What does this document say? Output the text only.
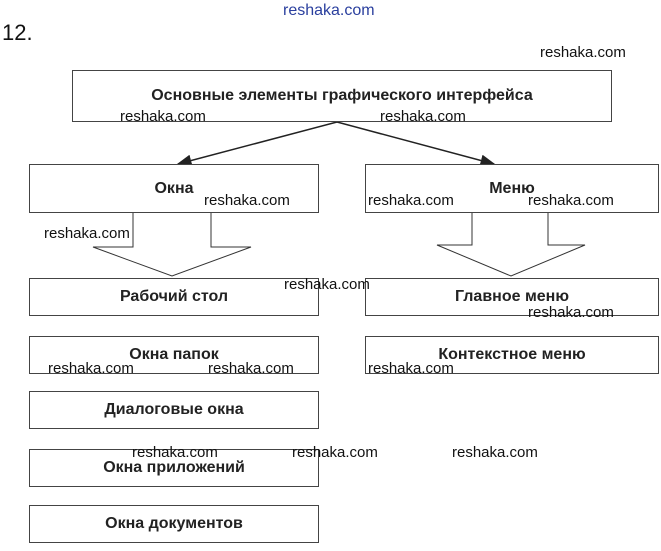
reshaka.com
12.
Основные элементы графического интерфейса
Окна	Меню
Рабочий стол
Окна папок
Диалоговые окна
Окна приложений
Окна документов
Главное меню
Контекстное меню
reshaka.com
reshaka.com	reshaka.com
reshaka.com	reshaka.com	reshaka.com
reshaka.com
reshaka.com
reshaka.com
reshaka.com	reshaka.com	reshaka.com
reshaka.com	reshaka.com	reshaka.com
